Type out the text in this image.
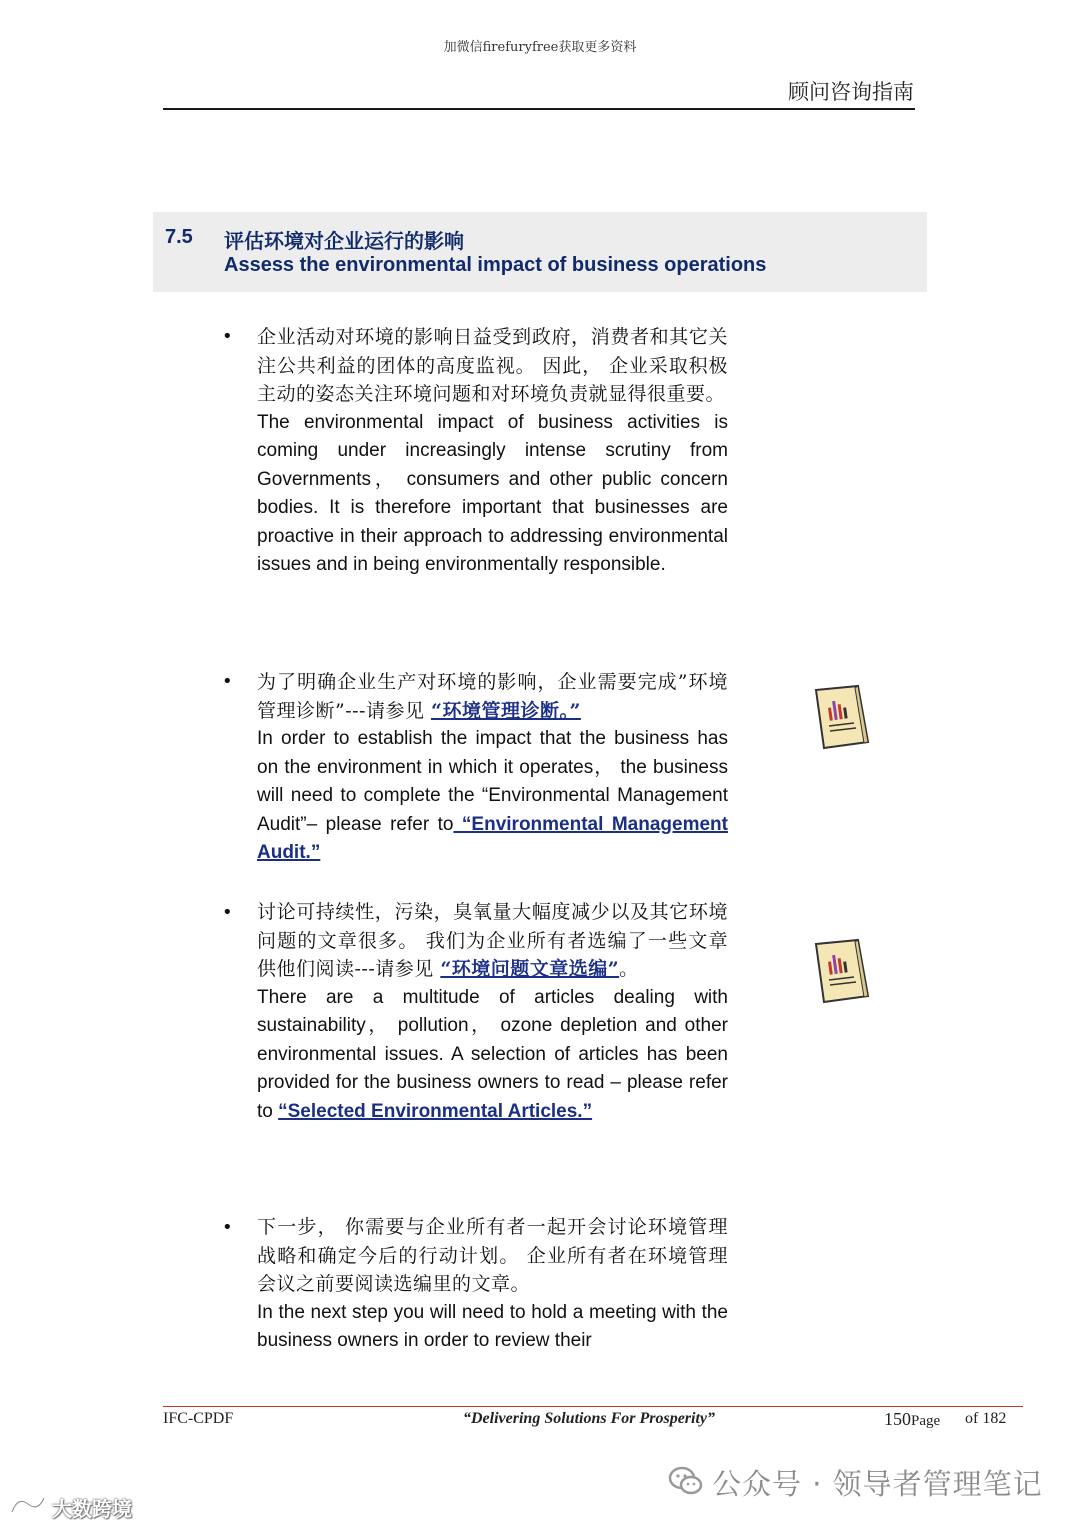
加微信firefuryfree获取更多资料
顾问咨询指南
7.5 评估环境对企业运行的影响
Assess the environmental impact of business operations
• 企业活动对环境的影响日益受到政府，消费者和其它关注公共利益的团体的高度监视。 因此， 企业采取积极主动的姿态关注环境问题和对环境负责就显得很重要。
The environmental impact of business activities is coming under increasingly intense scrutiny from Governments， consumers and other public concern bodies. It is therefore important that businesses are proactive in their approach to addressing environmental issues and in being environmentally responsible.
• 为了明确企业生产对环境的影响，企业需要完成”环境管理诊断”---请参见 “环境管理诊断。”
In order to establish the impact that the business has on the environment in which it operates， the business will need to complete the “Environmental Management Audit”– please refer to “Environmental Management Audit.”
• 讨论可持续性，污染，臭氧量大幅度减少以及其它环境问题的文章很多。 我们为企业所有者选编了一些文章供他们阅读---请参见 “环境问题文章选编”。
There are a multitude of articles dealing with sustainability， pollution， ozone depletion and other environmental issues. A selection of articles has been provided for the business owners to read – please refer to “Selected Environmental Articles.”
• 下一步， 你需要与企业所有者一起开会讨论环境管理战略和确定今后的行动计划。 企业所有者在环境管理会议之前要阅读选编里的文章。
In the next step you will need to hold a meeting with the business owners in order to review their
IFC-CPDF	“Delivering Solutions For Prosperity”	150Page of 182
公众号 · 领导者管理笔记
大数跨境
